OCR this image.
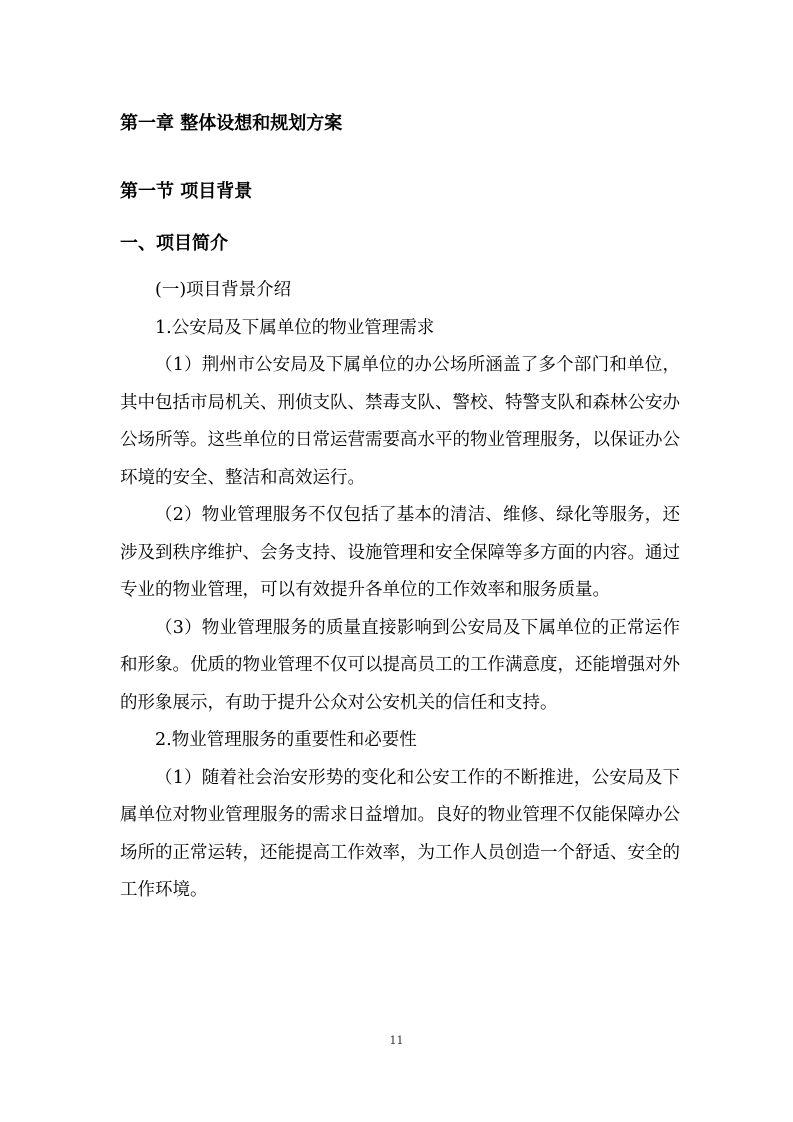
第一章 整体设想和规划方案
第一节 项目背景
一、项目简介

(一)项目背景介绍

1.公安局及下属单位的物业管理需求

（1）荆州市公安局及下属单位的办公场所涵盖了多个部门和单位，其中包括市局机关、刑侦支队、禁毒支队、警校、特警支队和森林公安办公场所等。这些单位的日常运营需要高水平的物业管理服务，以保证办公环境的安全、整洁和高效运行。

（2）物业管理服务不仅包括了基本的清洁、维修、绿化等服务，还涉及到秩序维护、会务支持、设施管理和安全保障等多方面的内容。通过专业的物业管理，可以有效提升各单位的工作效率和服务质量。

（3）物业管理服务的质量直接影响到公安局及下属单位的正常运作和形象。优质的物业管理不仅可以提高员工的工作满意度，还能增强对外的形象展示，有助于提升公众对公安机关的信任和支持。

2.物业管理服务的重要性和必要性

（1）随着社会治安形势的变化和公安工作的不断推进，公安局及下属单位对物业管理服务的需求日益增加。良好的物业管理不仅能保障办公场所的正常运转，还能提高工作效率，为工作人员创造一个舒适、安全的工作环境。

11
